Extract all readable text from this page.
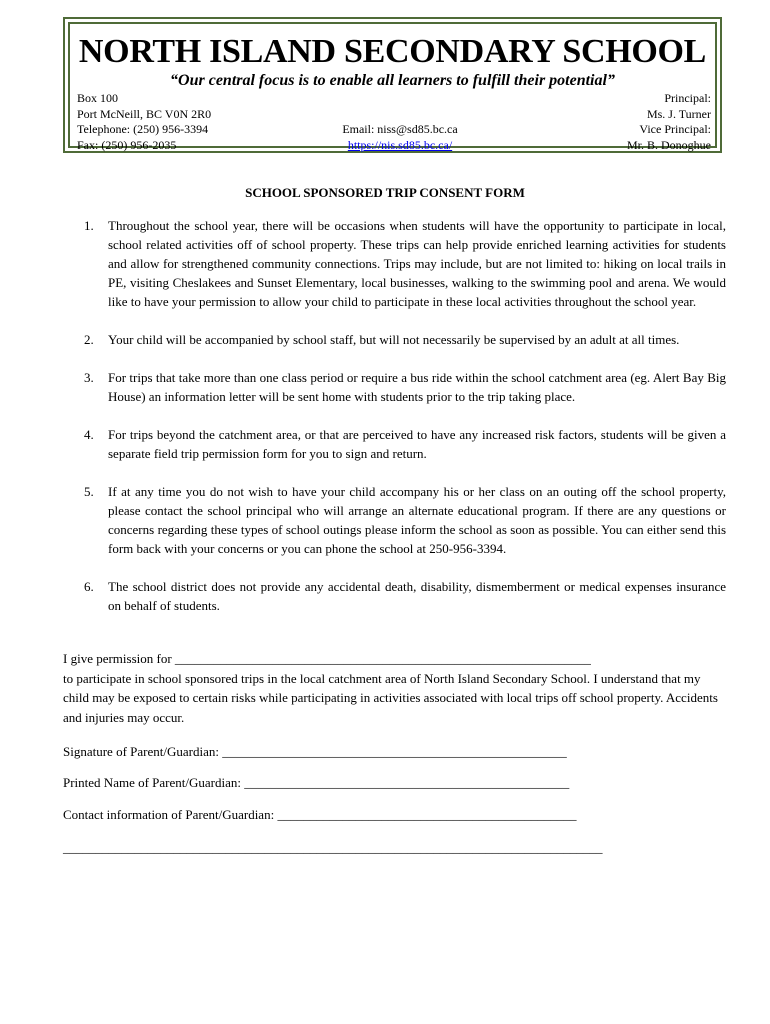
NORTH ISLAND SECONDARY SCHOOL
“Our central focus is to enable all learners to fulfill their potential”
Box 100
Port McNeill, BC V0N 2R0
Telephone: (250) 956-3394
Fax: (250) 956-2035

Email: niss@sd85.bc.ca
https://nis.sd85.bc.ca/
Principal:
Ms. J. Turner
Vice Principal:
Mr. B. Donoghue
SCHOOL SPONSORED TRIP CONSENT FORM
1. Throughout the school year, there will be occasions when students will have the opportunity to participate in local, school related activities off of school property. These trips can help provide enriched learning activities for students and allow for strengthened community connections. Trips may include, but are not limited to: hiking on local trails in PE, visiting Cheslakees and Sunset Elementary, local businesses, walking to the swimming pool and arena. We would like to have your permission to allow your child to participate in these local activities throughout the school year.
2. Your child will be accompanied by school staff, but will not necessarily be supervised by an adult at all times.
3. For trips that take more than one class period or require a bus ride within the school catchment area (eg. Alert Bay Big House) an information letter will be sent home with students prior to the trip taking place.
4. For trips beyond the catchment area, or that are perceived to have any increased risk factors, students will be given a separate field trip permission form for you to sign and return.
5. If at any time you do not wish to have your child accompany his or her class on an outing off the school property, please contact the school principal who will arrange an alternate educational program. If there are any questions or concerns regarding these types of school outings please inform the school as soon as possible. You can either send this form back with your concerns or you can phone the school at 250-956-3394.
6. The school district does not provide any accidental death, disability, dismemberment or medical expenses insurance on behalf of students.
I give permission for ________________________________________________________________
to participate in school sponsored trips in the local catchment area of North Island Secondary School. I understand that my child may be exposed to certain risks while participating in activities associated with local trips off school property. Accidents and injuries may occur.
Signature of Parent/Guardian: _____________________________________________________
Printed Name of Parent/Guardian: __________________________________________________
Contact information of Parent/Guardian: ______________________________________________
___________________________________________________________________________________
